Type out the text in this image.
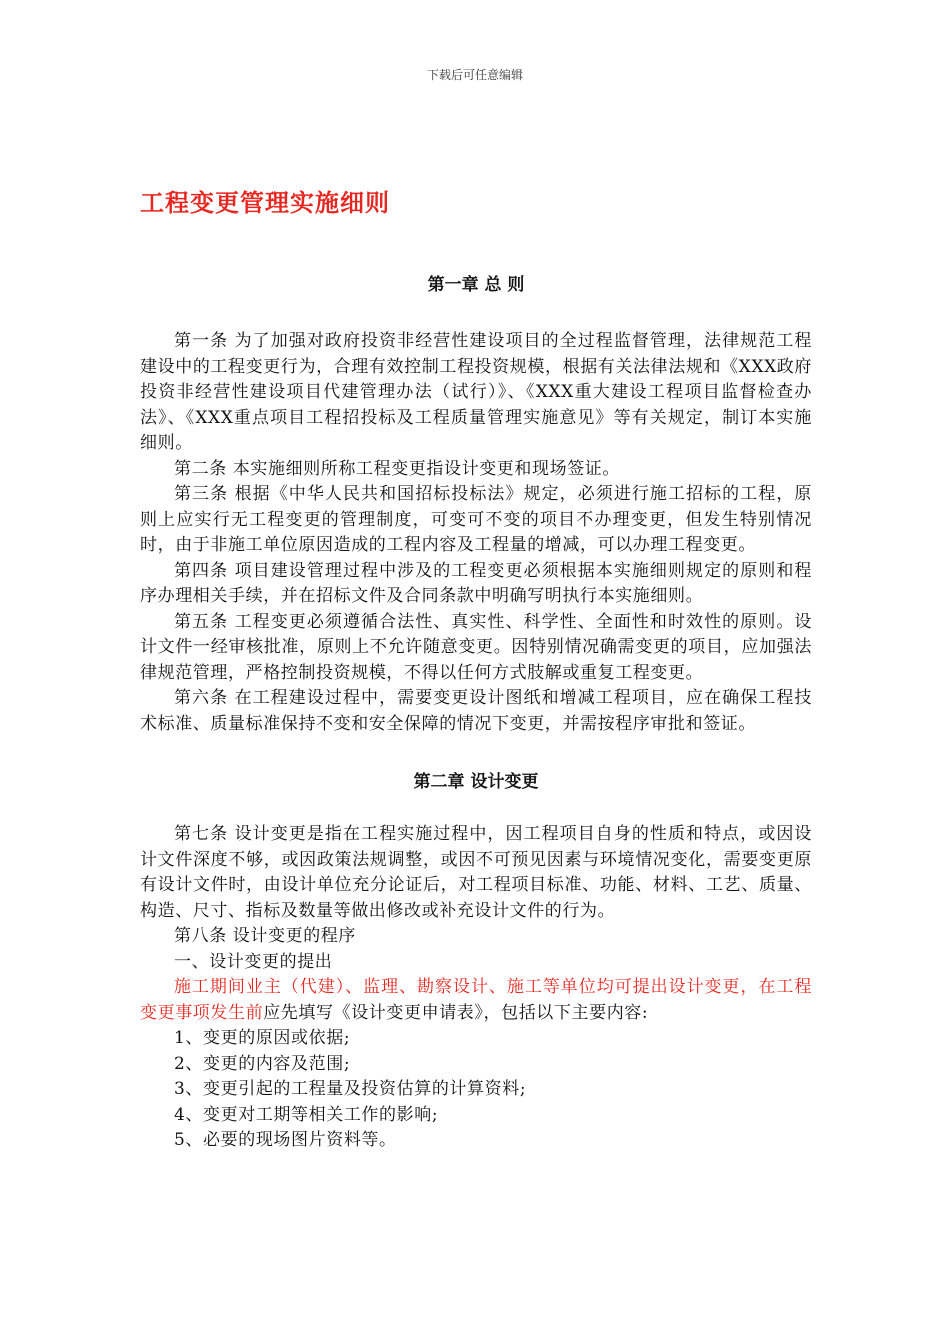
下载后可任意编辑
工程变更管理实施细则
第一章 总 则

第一条 为了加强对政府投资非经营性建设项目的全过程监督管理，法律规范工程建设中的工程变更行为，合理有效控制工程投资规模，根据有关法律法规和《XXX政府投资非经营性建设项目代建管理办法（试行）》、《XXX重大建设工程项目监督检查办法》、《XXX重点项目工程招投标及工程质量管理实施意见》等有关规定，制订本实施细则。

第二条 本实施细则所称工程变更指设计变更和现场签证。

第三条 根据《中华人民共和国招标投标法》规定，必须进行施工招标的工程，原则上应实行无工程变更的管理制度，可变可不变的项目不办理变更，但发生特别情况时，由于非施工单位原因造成的工程内容及工程量的增减，可以办理工程变更。

第四条 项目建设管理过程中涉及的工程变更必须根据本实施细则规定的原则和程序办理相关手续，并在招标文件及合同条款中明确写明执行本实施细则。

第五条 工程变更必须遵循合法性、真实性、科学性、全面性和时效性的原则。设计文件一经审核批准，原则上不允许随意变更。因特别情况确需变更的项目，应加强法律规范管理，严格控制投资规模，不得以任何方式肢解或重复工程变更。

第六条 在工程建设过程中，需要变更设计图纸和增减工程项目，应在确保工程技术标准、质量标准保持不变和安全保障的情况下变更，并需按程序审批和签证。

第二章 设计变更

第七条 设计变更是指在工程实施过程中，因工程项目自身的性质和特点，或因设计文件深度不够，或因政策法规调整，或因不可预见因素与环境情况变化，需要变更原有设计文件时，由设计单位充分论证后，对工程项目标准、功能、材料、工艺、质量、构造、尺寸、指标及数量等做出修改或补充设计文件的行为。

第八条 设计变更的程序

一、设计变更的提出

施工期间业主（代建）、监理、勘察设计、施工等单位均可提出设计变更，在工程变更事项发生前应先填写《设计变更申请表》，包括以下主要内容:

1、变更的原因或依据;

2、变更的内容及范围;

3、变更引起的工程量及投资估算的计算资料;

4、变更对工期等相关工作的影响;

5、必要的现场图片资料等。
